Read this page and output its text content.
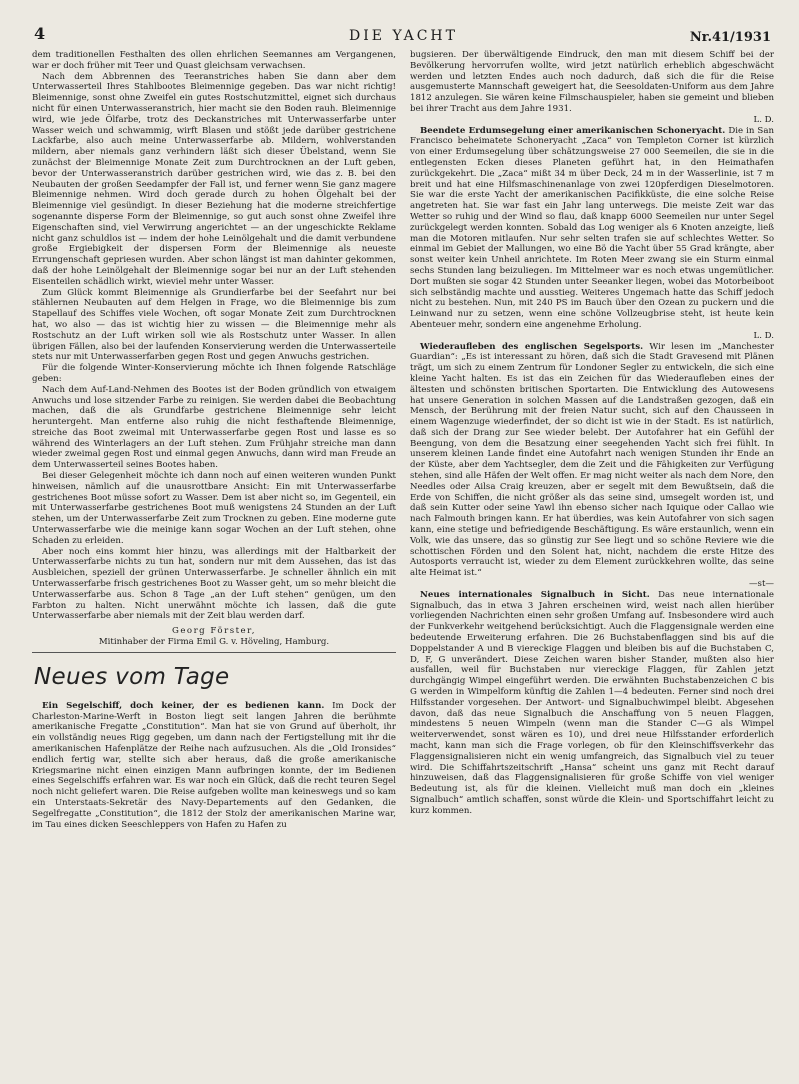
4	DIE YACHT	Nr.41/1931

dem traditionellen Festhalten des ollen ehrlichen Seemannes am Vergangenen, war er doch früher mit Teer und Quast gleichsam verwachsen.

Nach dem Abbrennen des Teeranstriches haben Sie dann aber dem Unterwasserteil Ihres Stahlbootes Bleimennige gegeben. Das war nicht richtig! Bleimennige, sonst ohne Zweifel ein gutes Rostschutzmittel, eignet sich durchaus nicht für einen Unterwasseranstrich, hier macht sie den Boden rauh. Bleimennige wird, wie jede Ölfarbe, trotz des Deckanstriches mit Unterwasserfarbe unter Wasser weich und schwammig, wirft Blasen und stößt jede darüber gestrichene Lackfarbe, also auch meine Unterwasserfarbe ab. Mildern, wohlverstanden mildern, aber niemals ganz verhindern läßt sich dieser Übelstand, wenn Sie zunächst der Bleimennige Monate Zeit zum Durchtrocknen an der Luft geben, bevor der Unterwasseranstrich darüber gestrichen wird, wie das z. B. bei den Neubauten der großen Seedampfer der Fall ist, und ferner wenn Sie ganz magere Bleimennige nehmen. Wird doch gerade durch zu hohen Ölgehalt bei der Bleimennige viel gesündigt. In dieser Beziehung hat die moderne streichfertige sogenannte disperse Form der Bleimennige, so gut auch sonst ohne Zweifel ihre Eigenschaften sind, viel Verwirrung angerichtet — an der ungeschickte Reklame nicht ganz schuldlos ist — indem der hohe Leinölgehalt und die damit verbundene große Ergiebigkeit der dispersen Form der Bleimennige als neueste Errungenschaft gepriesen wurden. Aber schon längst ist man dahinter gekommen, daß der hohe Leinölgehalt der Bleimennige sogar bei nur an der Luft stehenden Eisenteilen schädlich wirkt, wieviel mehr unter Wasser.

Zum Glück kommt Bleimennige als Grundierfarbe bei der Seefahrt nur bei stählernen Neubauten auf dem Helgen in Frage, wo die Bleimennige bis zum Stapellauf des Schiffes viele Wochen, oft sogar Monate Zeit zum Durchtrocknen hat, wo also — das ist wichtig hier zu wissen — die Bleimennige mehr als Rostschutz an der Luft wirken soll wie als Rostschutz unter Wasser. In allen übrigen Fällen, also bei der laufenden Konservierung werden die Unterwasserteile stets nur mit Unterwasserfarben gegen Rost und gegen Anwuchs gestrichen.

Für die folgende Winter-Konservierung möchte ich Ihnen folgende Ratschläge geben:

Nach dem Auf-Land-Nehmen des Bootes ist der Boden gründlich von etwaigem Anwuchs und lose sitzender Farbe zu reinigen. Sie werden dabei die Beobachtung machen, daß die als Grundfarbe gestrichene Bleimennige sehr leicht heruntergeht. Man entferne also ruhig die nicht festhaftende Bleimennige, streiche das Boot zweimal mit Unterwasserfarbe gegen Rost und lasse es so während des Winterlagers an der Luft stehen. Zum Frühjahr streiche man dann wieder zweimal gegen Rost und einmal gegen Anwuchs, dann wird man Freude an dem Unterwasserteil seines Bootes haben.

Bei dieser Gelegenheit möchte ich dann noch auf einen weiteren wunden Punkt hinweisen, nämlich auf die unausrottbare Ansicht: Ein mit Unterwasserfarbe gestrichenes Boot müsse sofort zu Wasser. Dem ist aber nicht so, im Gegenteil, ein mit Unterwasserfarbe gestrichenes Boot muß wenigstens 24 Stunden an der Luft stehen, um der Unterwasserfarbe Zeit zum Trocknen zu geben. Eine moderne gute Unterwasserfarbe wie die meinige kann sogar Wochen an der Luft stehen, ohne Schaden zu erleiden.

Aber noch eins kommt hier hinzu, was allerdings mit der Haltbarkeit der Unterwasserfarbe nichts zu tun hat, sondern nur mit dem Aussehen, das ist das Ausbleichen, speziell der grünen Unterwasserfarbe. Je schneller ähnlich ein mit Unterwasserfarbe frisch gestrichenes Boot zu Wasser geht, um so mehr bleicht die Unterwasserfarbe aus. Schon 8 Tage „an der Luft stehen“ genügen, um den Farbton zu halten. Nicht unerwähnt möchte ich lassen, daß die gute Unterwasserfarbe aber niemals mit der Zeit blau werden darf.

Georg Förster,
Mitinhaber der Firma Emil G. v. Höveling, Hamburg.
Neues vom Tage

Ein Segelschiff, doch keiner, der es bedienen kann. Im Dock der Charleston-Marine-Werft in Boston liegt seit langen Jahren die berühmte amerikanische Fregatte „Constitution“. Man hat sie von Grund auf überholt, ihr ein vollständig neues Rigg gegeben, um dann nach der Fertigstellung mit ihr die amerikanischen Hafenplätze der Reihe nach aufzusuchen. Als die „Old Ironsides“ endlich fertig war, stellte sich aber heraus, daß die große amerikanische Kriegsmarine nicht einen einzigen Mann aufbringen konnte, der im Bedienen eines Segelschiffs erfahren war. Es war noch ein Glück, daß die recht teuren Segel noch nicht geliefert waren. Die Reise aufgeben wollte man keineswegs und so kam ein Unterstaats-Sekretär des Navy-Departements auf den Gedanken, die Segelfregatte „Constitution“, die 1812 der Stolz der amerikanischen Marine war, im Tau eines dicken Seeschleppers von Hafen zu Hafen zu

bugsieren. Der überwältigende Eindruck, den man mit diesem Schiff bei der Bevölkerung hervorrufen wollte, wird jetzt natürlich erheblich abgeschwächt werden und letzten Endes auch noch dadurch, daß sich die für die Reise ausgemusterte Mannschaft geweigert hat, die Seesoldaten-Uniform aus dem Jahre 1812 anzulegen. Sie wären keine Filmschauspieler, haben sie gemeint und blieben bei ihrer Tracht aus dem Jahre 1931.

L. D.

Beendete Erdumsegelung einer amerikanischen Schoneryacht. Die in San Francisco beheimatete Schoneryacht „Zaca“ von Templeton Corner ist kürzlich von einer Erdumsegelung über schätzungsweise 27 000 Seemeilen, die sie in die entlegensten Ecken dieses Planeten geführt hat, in den Heimathafen zurückgekehrt. Die „Zaca“ mißt 34 m über Deck, 24 m in der Wasserlinie, ist 7 m breit und hat eine Hilfsmaschinenanlage von zwei 120pferdigen Dieselmotoren. Sie war die erste Yacht der amerikanischen Pacifikküste, die eine solche Reise angetreten hat. Sie war fast ein Jahr lang unterwegs. Die meiste Zeit war das Wetter so ruhig und der Wind so flau, daß knapp 6000 Seemeilen nur unter Segel zurückgelegt werden konnten. Sobald das Log weniger als 6 Knoten anzeigte, ließ man die Motoren mitlaufen. Nur sehr selten trafen sie auf schlechtes Wetter. So einmal im Gebiet der Mallungen, wo eine Bö die Yacht über 55 Grad krängte, aber sonst weiter kein Unheil anrichtete. Im Roten Meer zwang sie ein Sturm einmal sechs Stunden lang beizuliegen. Im Mittelmeer war es noch etwas ungemütlicher. Dort mußten sie sogar 42 Stunden unter Seeanker liegen, wobei das Motorbeiboot sich selbständig machte und ausstieg. Weiteres Ungemach hatte das Schiff jedoch nicht zu bestehen. Nun, mit 240 PS im Bauch über den Ozean zu puckern und die Leinwand nur zu setzen, wenn eine schöne Vollzeugbrise steht, ist heute kein Abenteuer mehr, sondern eine angenehme Erholung.

L. D.

Wiederaufleben des englischen Segelsports. Wir lesen im „Manchester Guardian“: „Es ist interessant zu hören, daß sich die Stadt Gravesend mit Plänen trägt, um sich zu einem Zentrum für Londoner Segler zu entwickeln, die sich eine kleine Yacht halten. Es ist das ein Zeichen für das Wiederaufleben eines der ältesten und schönsten britischen Sportarten. Die Entwicklung des Autowesens hat unsere Generation in solchen Massen auf die Landstraßen gezogen, daß ein Mensch, der Berührung mit der freien Natur sucht, sich auf den Chausseen in einem Wagenzuge wiederfindet, der so dicht ist wie in der Stadt. Es ist natürlich, daß sich der Drang zur See wieder belebt. Der Autofahrer hat ein Gefühl der Beengung, von dem die Besatzung einer seegehenden Yacht sich frei fühlt. In unserem kleinen Lande findet eine Autofahrt nach wenigen Stunden ihr Ende an der Küste, aber dem Yachtsegler, dem die Zeit und die Fähigkeiten zur Verfügung stehen, sind alle Häfen der Welt offen. Er mag nicht weiter als nach dem Nore, den Needles oder Ailsa Craig kreuzen, aber er segelt mit dem Bewußtsein, daß die Erde von Schiffen, die nicht größer als das seine sind, umsegelt worden ist, und daß sein Kutter oder seine Yawl ihn ebenso sicher nach Iquique oder Callao wie nach Falmouth bringen kann. Er hat überdies, was kein Autofahrer von sich sagen kann, eine stetige und befriedigende Beschäftigung. Es wäre erstaunlich, wenn ein Volk, wie das unsere, das so günstig zur See liegt und so schöne Reviere wie die schottischen Förden und den Solent hat, nicht, nachdem die erste Hitze des Autosports verraucht ist, wieder zu dem Element zurückkehren wollte, das seine alte Heimat ist.“

—st—

Neues internationales Signalbuch in Sicht. Das neue internationale Signalbuch, das in etwa 3 Jahren erscheinen wird, weist nach allen hierüber vorliegenden Nachrichten einen sehr großen Umfang auf. Insbesondere wird auch der Funkverkehr weitgehend berücksichtigt. Auch die Flaggensignale werden eine bedeutende Erweiterung erfahren. Die 26 Buchstabenflaggen sind bis auf die Doppelstander A und B viereckige Flaggen und bleiben bis auf die Buchstaben C, D, F, G unverändert. Diese Zeichen waren bisher Stander, mußten also hier ausfallen, weil für Buchstaben nur viereckige Flaggen, für Zahlen jetzt durchgängig Wimpel eingeführt werden. Die erwähnten Buchstabenzeichen C bis G werden in Wimpelform künftig die Zahlen 1—4 bedeuten. Ferner sind noch drei Hilfsstander vorgesehen. Der Antwort- und Signalbuchwimpel bleibt. Abgesehen davon, daß das neue Signalbuch die Anschaffung von 5 neuen Flaggen, mindestens 5 neuen Wimpeln (wenn man die Stander C—G als Wimpel weiterverwendet, sonst wären es 10), und drei neue Hilfsstander erforderlich macht, kann man sich die Frage vorlegen, ob für den Kleinschiffsverkehr das Flaggensignalisieren nicht ein wenig umfangreich, das Signalbuch viel zu teuer wird. Die Schiffahrtszeitschrift „Hansa“ scheint uns ganz mit Recht darauf hinzuweisen, daß das Flaggensignalisieren für große Schiffe von viel weniger Bedeutung ist, als für die kleinen. Vielleicht muß man doch ein „kleines Signalbuch“ amtlich schaffen, sonst würde die Klein- und Sportschiffahrt leicht zu kurz kommen.
